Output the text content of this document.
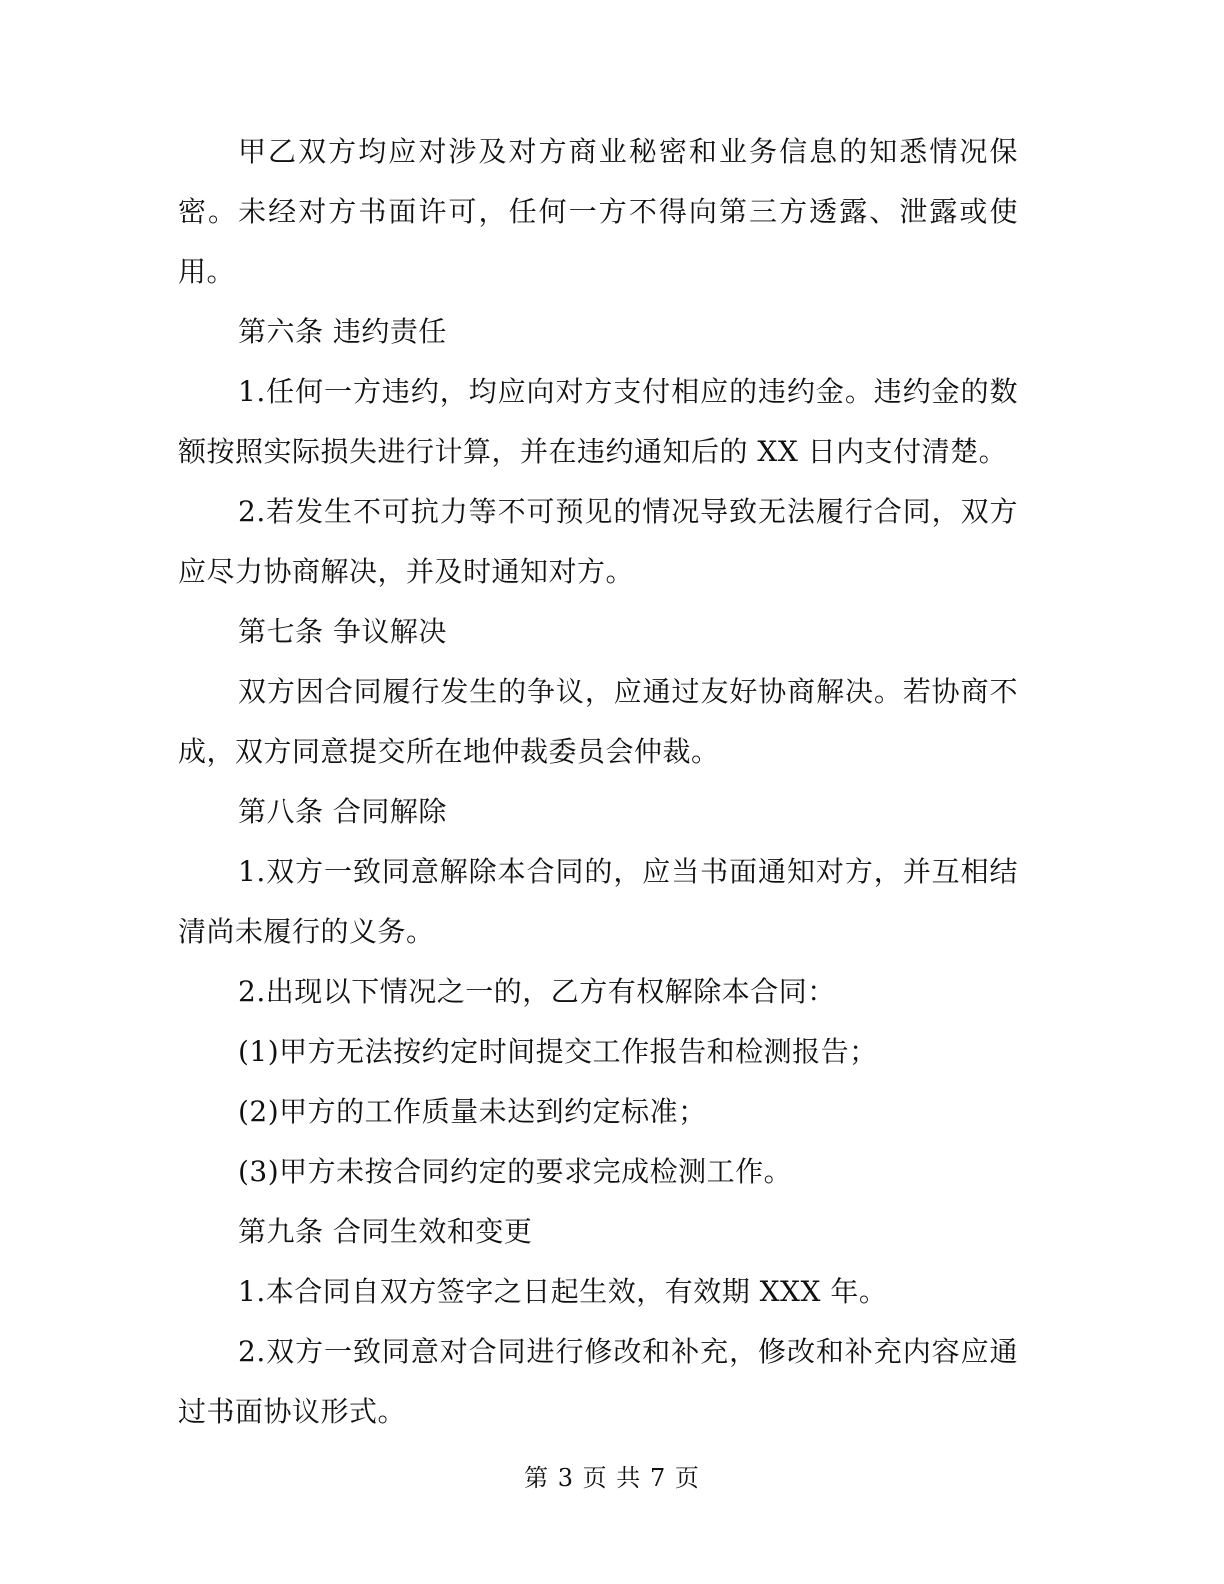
甲乙双方均应对涉及对方商业秘密和业务信息的知悉情况保密。未经对方书面许可，任何一方不得向第三方透露、泄露或使用。

第六条 违约责任

1.任何一方违约，均应向对方支付相应的违约金。违约金的数额按照实际损失进行计算，并在违约通知后的 XX 日内支付清楚。

2.若发生不可抗力等不可预见的情况导致无法履行合同，双方应尽力协商解决，并及时通知对方。

第七条 争议解决

双方因合同履行发生的争议，应通过友好协商解决。若协商不成，双方同意提交所在地仲裁委员会仲裁。

第八条 合同解除

1.双方一致同意解除本合同的，应当书面通知对方，并互相结清尚未履行的义务。

2.出现以下情况之一的，乙方有权解除本合同：

(1)甲方无法按约定时间提交工作报告和检测报告；

(2)甲方的工作质量未达到约定标准；

(3)甲方未按合同约定的要求完成检测工作。

第九条 合同生效和变更

1.本合同自双方签字之日起生效，有效期 XXX 年。

2.双方一致同意对合同进行修改和补充，修改和补充内容应通过书面协议形式。

第 3 页 共 7 页
